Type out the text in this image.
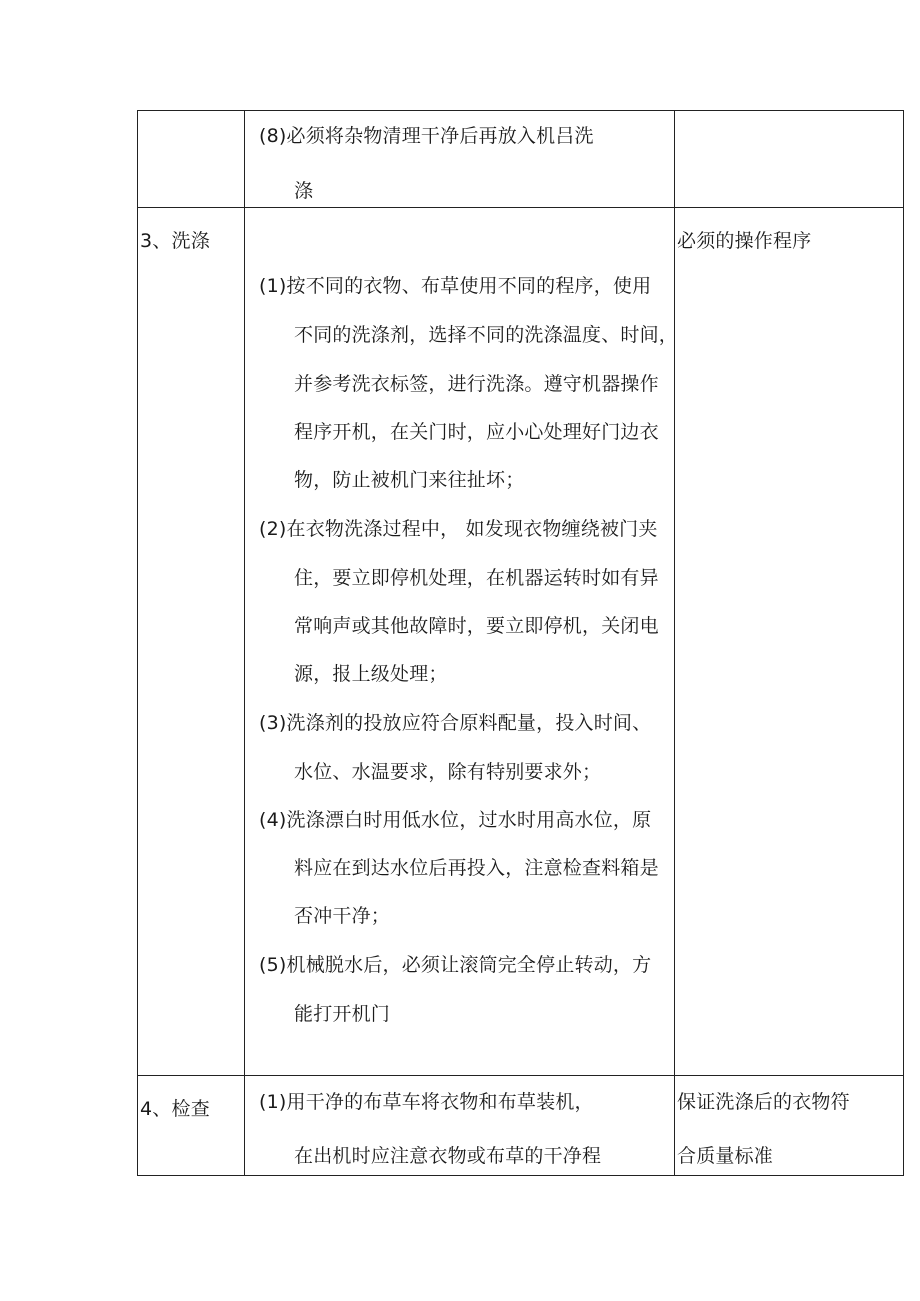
(8)必须将杂物清理干净后再放入机吕洗
涤
3、洗涤	必须的操作程序
(1)按不同的衣物、布草使用不同的程序，使用
不同的洗涤剂，选择不同的洗涤温度、时间，
并参考洗衣标签，进行洗涤。遵守机器操作
程序开机，在关门时，应小心处理好门边衣
物，防止被机门来往扯坏；
(2)在衣物洗涤过程中， 如发现衣物缠绕被门夹
住，要立即停机处理，在机器运转时如有异
常响声或其他故障时，要立即停机，关闭电
源，报上级处理；
(3)洗涤剂的投放应符合原料配量，投入时间、
水位、水温要求，除有特别要求外；
(4)洗涤漂白时用低水位，过水时用高水位，原
料应在到达水位后再投入，注意检查料箱是
否冲干净；
(5)机械脱水后，必须让滚筒完全停止转动，方
能打开机门
4、检查	(1)用干净的布草车将衣物和布草装机，
在出机时应注意衣物或布草的干净程
保证洗涤后的衣物符
合质量标准
